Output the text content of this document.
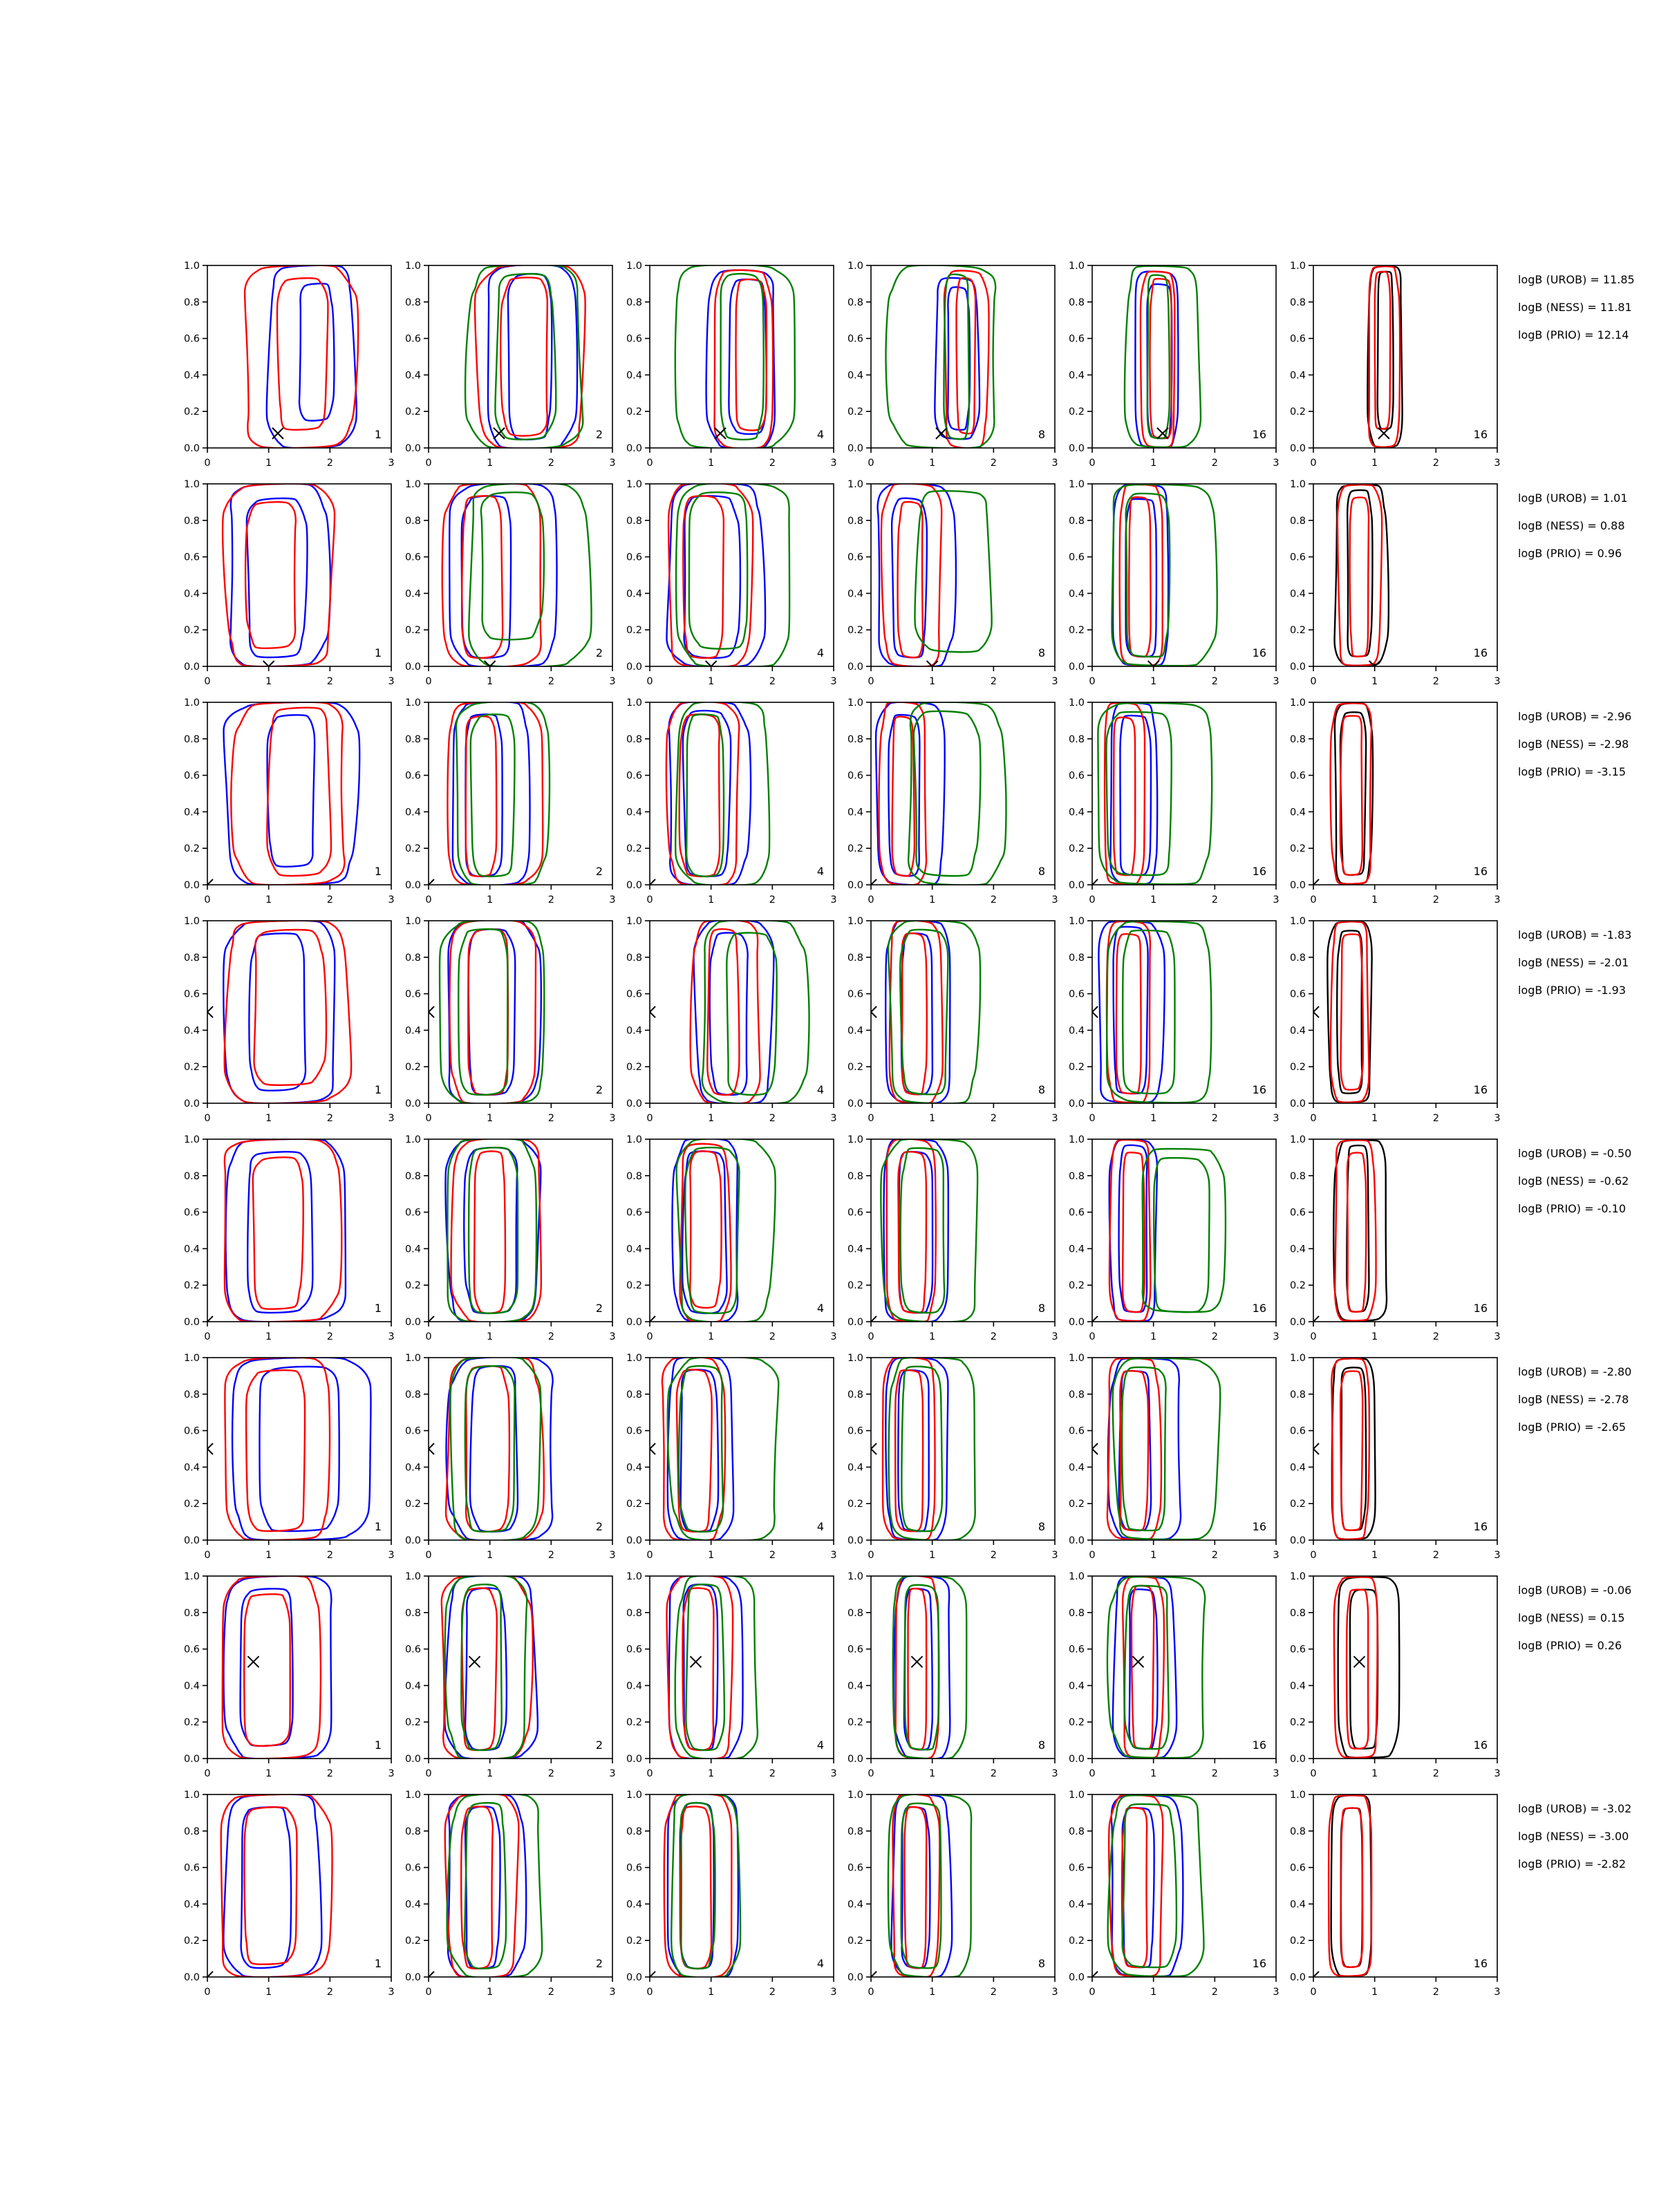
0	1	2	3
0.0
0.2
0.4
0.6
0.8
1.0
1
0	1	2	3
0.0
0.2
0.4
0.6
0.8
1.0
2
0	1	2	3
0.0
0.2
0.4
0.6
0.8
1.0
4
0	1	2	3
0.0
0.2
0.4
0.6
0.8
1.0
8
0	1	2	3
0.0
0.2
0.4
0.6
0.8
1.0
16
0	1	2	3
0.0
0.2
0.4
0.6
0.8
1.0
16
logB (UROB) = 11.85
logB (NESS) = 11.81
logB (PRIO) = 12.14
0	1	2	3
0.0
0.2
0.4
0.6
0.8
1.0
1
0	1	2	3
0.0
0.2
0.4
0.6
0.8
1.0
2
0	1	2	3
0.0
0.2
0.4
0.6
0.8
1.0
4
0	1	2	3
0.0
0.2
0.4
0.6
0.8
1.0
8
0	1	2	3
0.0
0.2
0.4
0.6
0.8
1.0
16
0	1	2	3
0.0
0.2
0.4
0.6
0.8
1.0
16
logB (UROB) = 1.01
logB (NESS) = 0.88
logB (PRIO) = 0.96
0	1	2	3
0.0
0.2
0.4
0.6
0.8
1.0
1
0	1	2	3
0.0
0.2
0.4
0.6
0.8
1.0
2
0	1	2	3
0.0
0.2
0.4
0.6
0.8
1.0
4
0	1	2	3
0.0
0.2
0.4
0.6
0.8
1.0
8
0	1	2	3
0.0
0.2
0.4
0.6
0.8
1.0
16
0	1	2	3
0.0
0.2
0.4
0.6
0.8
1.0
16
logB (UROB) = -2.96
logB (NESS) = -2.98
logB (PRIO) = -3.15
0	1	2	3
0.0
0.2
0.4
0.6
0.8
1.0
1
0	1	2	3
0.0
0.2
0.4
0.6
0.8
1.0
2
0	1	2	3
0.0
0.2
0.4
0.6
0.8
1.0
4
0	1	2	3
0.0
0.2
0.4
0.6
0.8
1.0
8
0	1	2	3
0.0
0.2
0.4
0.6
0.8
1.0
16
0	1	2	3
0.0
0.2
0.4
0.6
0.8
1.0
16
logB (UROB) = -1.83
logB (NESS) = -2.01
logB (PRIO) = -1.93
0	1	2	3
0.0
0.2
0.4
0.6
0.8
1.0
1
0	1	2	3
0.0
0.2
0.4
0.6
0.8
1.0
2
0	1	2	3
0.0
0.2
0.4
0.6
0.8
1.0
4
0	1	2	3
0.0
0.2
0.4
0.6
0.8
1.0
8
0	1	2	3
0.0
0.2
0.4
0.6
0.8
1.0
16
0	1	2	3
0.0
0.2
0.4
0.6
0.8
1.0
16
logB (UROB) = -0.50
logB (NESS) = -0.62
logB (PRIO) = -0.10
0	1	2	3
0.0
0.2
0.4
0.6
0.8
1.0
1
0	1	2	3
0.0
0.2
0.4
0.6
0.8
1.0
2
0	1	2	3
0.0
0.2
0.4
0.6
0.8
1.0
4
0	1	2	3
0.0
0.2
0.4
0.6
0.8
1.0
8
0	1	2	3
0.0
0.2
0.4
0.6
0.8
1.0
16
0	1	2	3
0.0
0.2
0.4
0.6
0.8
1.0
16
logB (UROB) = -2.80
logB (NESS) = -2.78
logB (PRIO) = -2.65
0	1	2	3
0.0
0.2
0.4
0.6
0.8
1.0
1
0	1	2	3
0.0
0.2
0.4
0.6
0.8
1.0
2
0	1	2	3
0.0
0.2
0.4
0.6
0.8
1.0
4
0	1	2	3
0.0
0.2
0.4
0.6
0.8
1.0
8
0	1	2	3
0.0
0.2
0.4
0.6
0.8
1.0
16
0	1	2	3
0.0
0.2
0.4
0.6
0.8
1.0
16
logB (UROB) = -0.06
logB (NESS) = 0.15
logB (PRIO) = 0.26
0	1	2	3
0.0
0.2
0.4
0.6
0.8
1.0
1
0	1	2	3
0.0
0.2
0.4
0.6
0.8
1.0
2
0	1	2	3
0.0
0.2
0.4
0.6
0.8
1.0
4
0	1	2	3
0.0
0.2
0.4
0.6
0.8
1.0
8
0	1	2	3
0.0
0.2
0.4
0.6
0.8
1.0
16
0	1	2	3
0.0
0.2
0.4
0.6
0.8
1.0
16
logB (UROB) = -3.02
logB (NESS) = -3.00
logB (PRIO) = -2.82
